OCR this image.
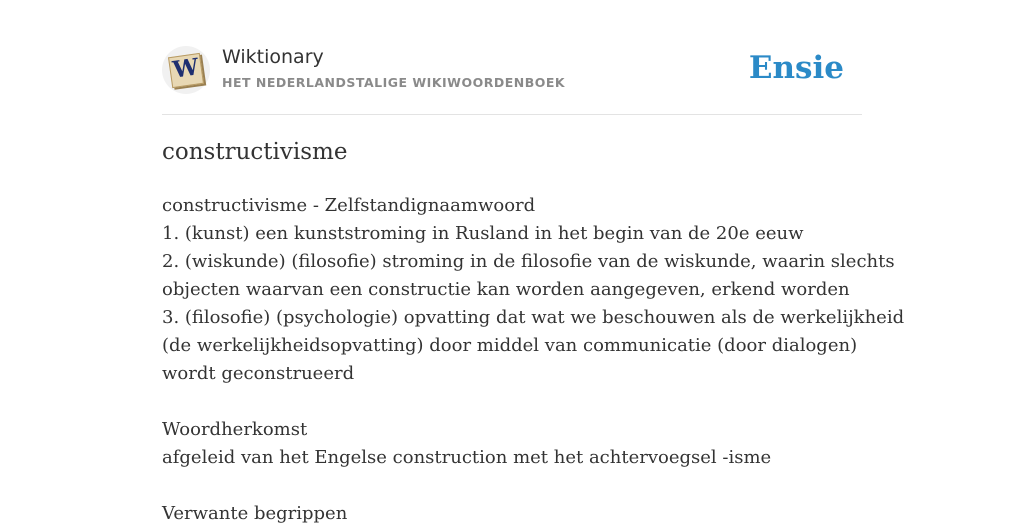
W Wiktionary
HET NEDERLANDSTALIGE WIKIWOORDENBOEK	Ensie
constructivisme
constructivisme - Zelfstandignaamwoord
1. (kunst) een kunststroming in Rusland in het begin van de 20e eeuw
2. (wiskunde) (filosofie) stroming in de filosofie van de wiskunde, waarin slechts
objecten waarvan een constructie kan worden aangegeven, erkend worden
3. (filosofie) (psychologie) opvatting dat wat we beschouwen als de werkelijkheid
(de werkelijkheidsopvatting) door middel van communicatie (door dialogen)
wordt geconstrueerd
Woordherkomst
afgeleid van het Engelse construction met het achtervoegsel -isme
Verwante begrippen
